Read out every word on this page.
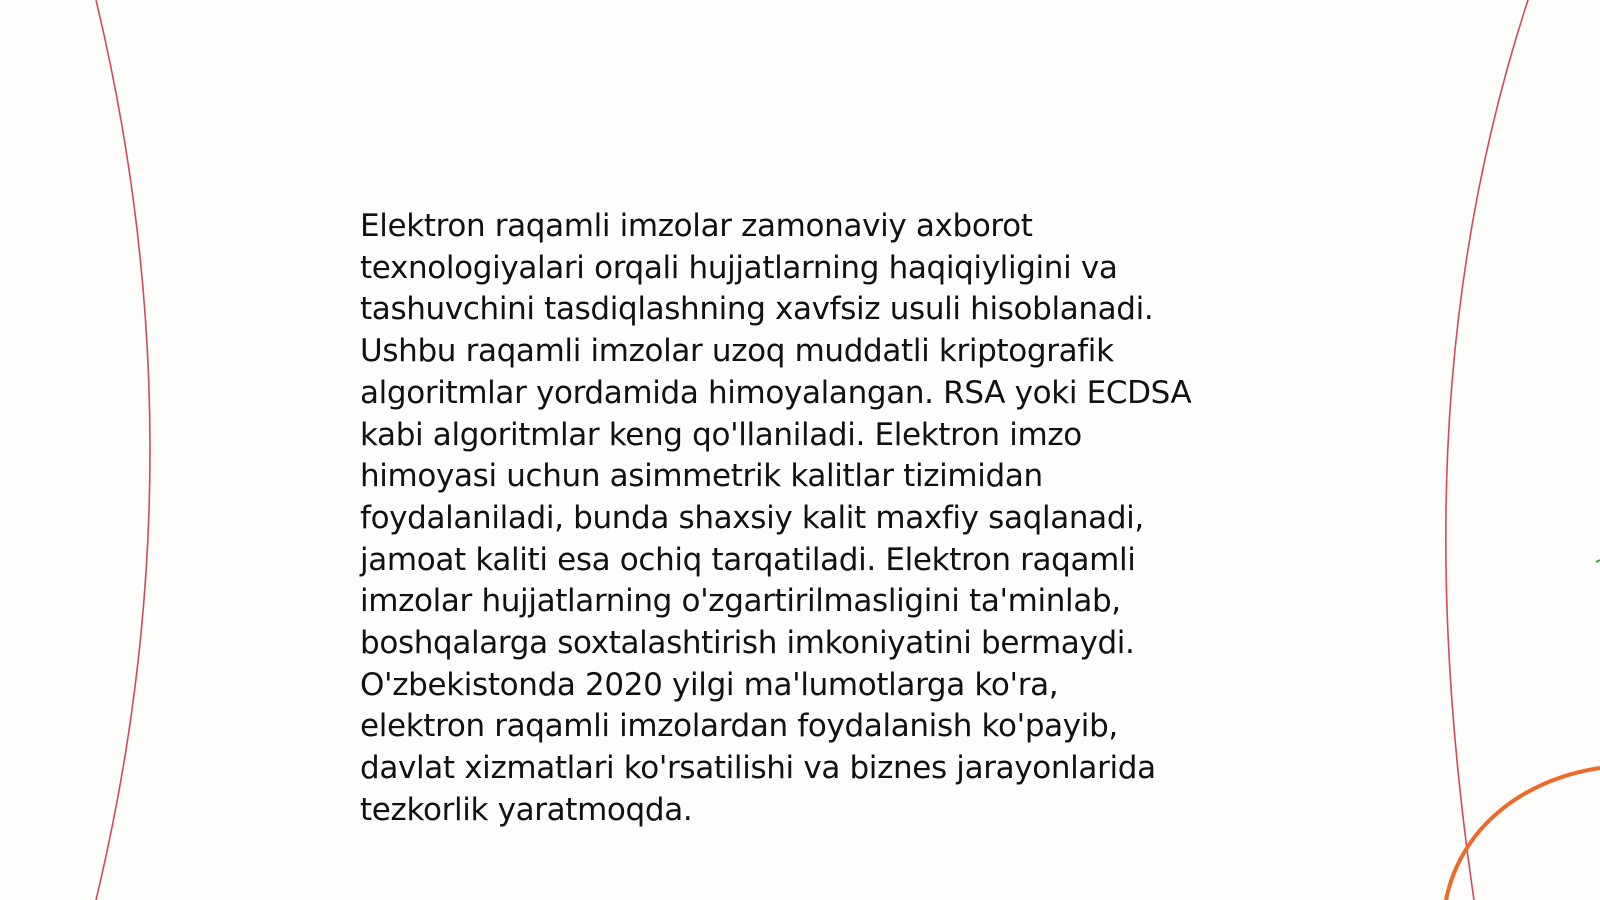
Elektron raqamli imzolar zamonaviy axborot
texnologiyalari orqali hujjatlarning haqiqiyligini va
tashuvchini tasdiqlashning xavfsiz usuli hisoblanadi.
Ushbu raqamli imzolar uzoq muddatli kriptografik
algoritmlar yordamida himoyalangan. RSA yoki ECDSA
kabi algoritmlar keng qo'llaniladi. Elektron imzo
himoyasi uchun asimmetrik kalitlar tizimidan
foydalaniladi, bunda shaxsiy kalit maxfiy saqlanadi,
jamoat kaliti esa ochiq tarqatiladi. Elektron raqamli
imzolar hujjatlarning o'zgartirilmasligini ta'minlab,
boshqalarga soxtalashtirish imkoniyatini bermaydi.
O'zbekistonda 2020 yilgi ma'lumotlarga ko'ra,
elektron raqamli imzolardan foydalanish ko'payib,
davlat xizmatlari ko'rsatilishi va biznes jarayonlarida
tezkorlik yaratmoqda.
